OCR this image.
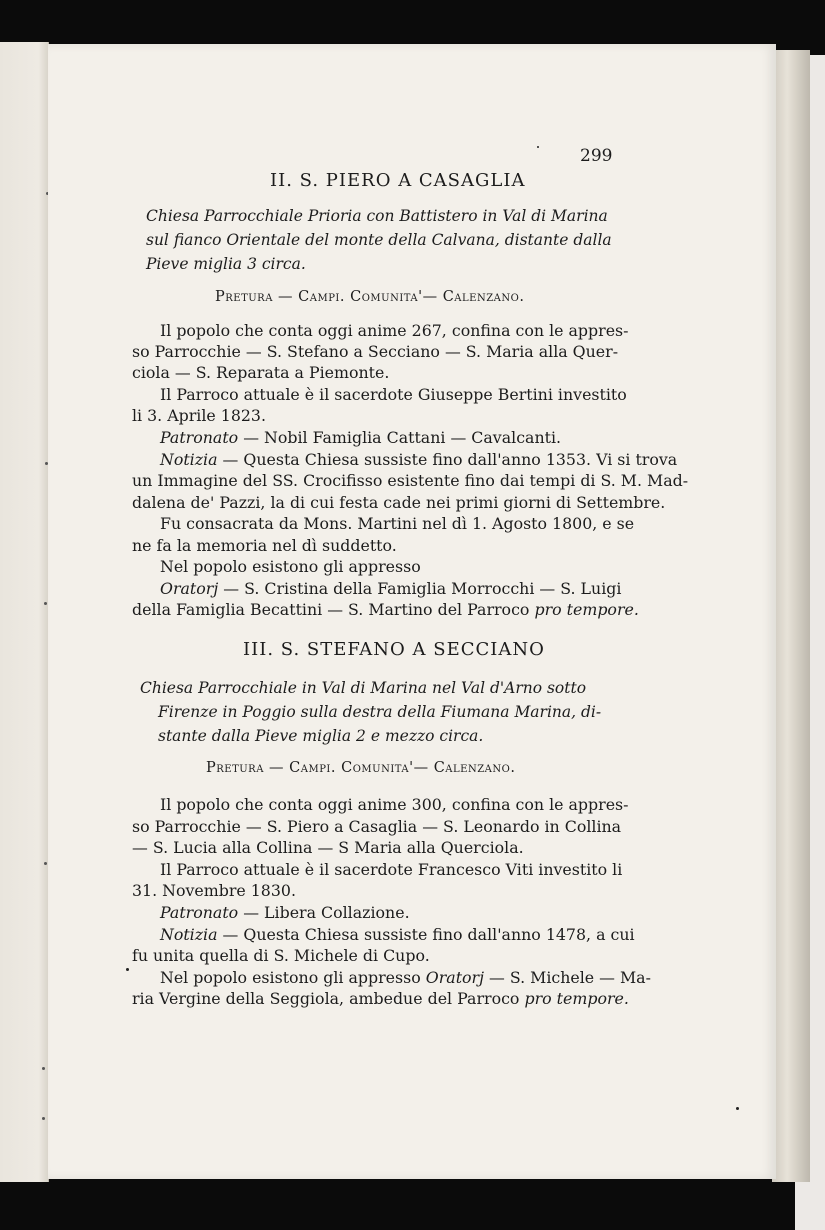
299
II. S. PIERO A CASAGLIA
Chiesa Parrocchiale Prioria con Battistero in Val di Marina
sul fianco Orientale del monte della Calvana, distante dalla
Pieve miglia 3 circa.
Pretura — Campi. Comunita'— Calenzano.
Il popolo che conta oggi anime 267, confina con le appres-
so Parrocchie — S. Stefano a Secciano — S. Maria alla Quer-
ciola — S. Reparata a Piemonte.
Il Parroco attuale è il sacerdote Giuseppe Bertini investito
li 3. Aprile 1823.
Patronato — Nobil Famiglia Cattani — Cavalcanti.
Notizia — Questa Chiesa sussiste fino dall'anno 1353. Vi si trova
un Immagine del SS. Crocifisso esistente fino dai tempi di S. M. Mad-
dalena de' Pazzi, la di cui festa cade nei primi giorni di Settembre.
Fu consacrata da Mons. Martini nel dì 1. Agosto 1800, e se
ne fa la memoria nel dì suddetto.
Nel popolo esistono gli appresso
Oratorj — S. Cristina della Famiglia Morrocchi — S. Luigi
della Famiglia Becattini — S. Martino del Parroco pro tempore.
III. S. STEFANO A SECCIANO
Chiesa Parrocchiale in Val di Marina nel Val d'Arno sotto
Firenze in Poggio sulla destra della Fiumana Marina, di-
stante dalla Pieve miglia 2 e mezzo circa.
Pretura — Campi. Comunita'— Calenzano.
Il popolo che conta oggi anime 300, confina con le appres-
so Parrocchie — S. Piero a Casaglia — S. Leonardo in Collina
— S. Lucia alla Collina — S Maria alla Querciola.
Il Parroco attuale è il sacerdote Francesco Viti investito li
31. Novembre 1830.
Patronato — Libera Collazione.
Notizia — Questa Chiesa sussiste fino dall'anno 1478, a cui
fu unita quella di S. Michele di Cupo.
Nel popolo esistono gli appresso Oratorj — S. Michele — Ma-
ria Vergine della Seggiola, ambedue del Parroco pro tempore.
